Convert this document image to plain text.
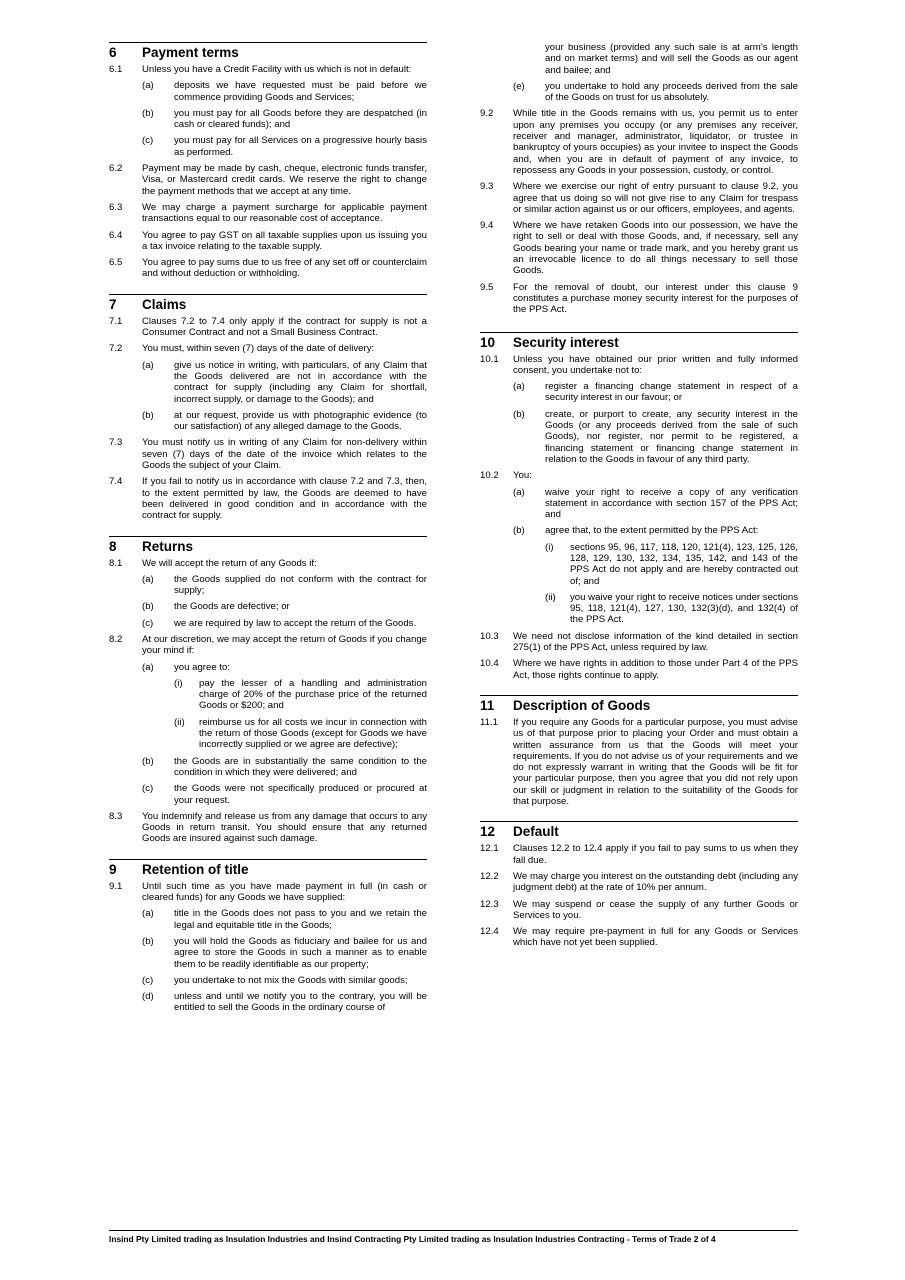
6	Payment terms
6.1	Unless you have a Credit Facility with us which is not in default:
(a)	deposits we have requested must be paid before we commence providing Goods and Services;
(b)	you must pay for all Goods before they are despatched (in cash or cleared funds); and
(c)	you must pay for all Services on a progressive hourly basis as performed.
6.2	Payment may be made by cash, cheque, electronic funds transfer, Visa, or Mastercard credit cards. We reserve the right to change the payment methods that we accept at any time.
6.3	We may charge a payment surcharge for applicable payment transactions equal to our reasonable cost of acceptance.
6.4	You agree to pay GST on all taxable supplies upon us issuing you a tax invoice relating to the taxable supply.
6.5	You agree to pay sums due to us free of any set off or counterclaim and without deduction or withholding.
7	Claims
7.1	Clauses 7.2 to 7.4 only apply if the contract for supply is not a Consumer Contract and not a Small Business Contract.
7.2	You must, within seven (7) days of the date of delivery:
(a)	give us notice in writing, with particulars, of any Claim that the Goods delivered are not in accordance with the contract for supply (including any Claim for shortfall, incorrect supply, or damage to the Goods); and
(b)	at our request, provide us with photographic evidence (to our satisfaction) of any alleged damage to the Goods.
7.3	You must notify us in writing of any Claim for non-delivery within seven (7) days of the date of the invoice which relates to the Goods the subject of your Claim.
7.4	If you fail to notify us in accordance with clause 7.2 and 7.3, then, to the extent permitted by law, the Goods are deemed to have been delivered in good condition and in accordance with the contract for supply.
8	Returns
8.1	We will accept the return of any Goods if:
(a)	the Goods supplied do not conform with the contract for supply;
(b)	the Goods are defective; or
(c)	we are required by law to accept the return of the Goods.
8.2	At our discretion, we may accept the return of Goods if you change your mind if:
(a)	you agree to:
(i)	pay the lesser of a handling and administration charge of 20% of the purchase price of the returned Goods or $200; and
(ii)	reimburse us for all costs we incur in connection with the return of those Goods (except for Goods we have incorrectly supplied or we agree are defective);
(b)	the Goods are in substantially the same condition to the condition in which they were delivered; and
(c)	the Goods were not specifically produced or procured at your request.
8.3	You indemnify and release us from any damage that occurs to any Goods in return transit. You should ensure that any returned Goods are insured against such damage.
9	Retention of title
9.1	Until such time as you have made payment in full (in cash or cleared funds) for any Goods we have supplied:
(a)	title in the Goods does not pass to you and we retain the legal and equitable title in the Goods;
(b)	you will hold the Goods as fiduciary and bailee for us and agree to store the Goods in such a manner as to enable them to be readily identifiable as our property;
(c)	you undertake to not mix the Goods with similar goods;
(d)	unless and until we notify you to the contrary, you will be entitled to sell the Goods in the ordinary course of
your business (provided any such sale is at arm’s length and on market terms) and will sell the Goods as our agent and bailee; and
(e)	you undertake to hold any proceeds derived from the sale of the Goods on trust for us absolutely.
9.2	While title in the Goods remains with us, you permit us to enter upon any premises you occupy (or any premises any receiver, receiver and manager, administrator, liquidator, or trustee in bankruptcy of yours occupies) as your invitee to inspect the Goods and, when you are in default of payment of any invoice, to repossess any Goods in your possession, custody, or control.
9.3	Where we exercise our right of entry pursuant to clause 9.2, you agree that us doing so will not give rise to any Claim for trespass or similar action against us or our officers, employees, and agents.
9.4	Where we have retaken Goods into our possession, we have the right to sell or deal with those Goods, and, if necessary, sell any Goods bearing your name or trade mark, and you hereby grant us an irrevocable licence to do all things necessary to sell those Goods.
9.5	For the removal of doubt, our interest under this clause 9 constitutes a purchase money security interest for the purposes of the PPS Act.
10	Security interest
10.1	Unless you have obtained our prior written and fully informed consent, you undertake not to:
(a)	register a financing change statement in respect of a security interest in our favour; or
(b)	create, or purport to create, any security interest in the Goods (or any proceeds derived from the sale of such Goods), nor register, nor permit to be registered, a financing statement or financing change statement in relation to the Goods in favour of any third party.
10.2	You:
(a)	waive your right to receive a copy of any verification statement in accordance with section 157 of the PPS Act; and
(b)	agree that, to the extent permitted by the PPS Act:
(i)	sections 95, 96, 117, 118, 120, 121(4), 123, 125, 126, 128, 129, 130, 132, 134, 135, 142, and 143 of the PPS Act do not apply and are hereby contracted out of; and
(ii)	you waive your right to receive notices under sections 95, 118, 121(4), 127, 130, 132(3)(d), and 132(4) of the PPS Act.
10.3	We need not disclose information of the kind detailed in section 275(1) of the PPS Act, unless required by law.
10.4	Where we have rights in addition to those under Part 4 of the PPS Act, those rights continue to apply.
11	Description of Goods
11.1	If you require any Goods for a particular purpose, you must advise us of that purpose prior to placing your Order and must obtain a written assurance from us that the Goods will meet your requirements. If you do not advise us of your requirements and we do not expressly warrant in writing that the Goods will be fit for your particular purpose, then you agree that you did not rely upon our skill or judgment in relation to the suitability of the Goods for that purpose.
12	Default
12.1	Clauses 12.2 to 12.4 apply if you fail to pay sums to us when they fall due.
12.2	We may charge you interest on the outstanding debt (including any judgment debt) at the rate of 10% per annum.
12.3	We may suspend or cease the supply of any further Goods or Services to you.
12.4	We may require pre-payment in full for any Goods or Services which have not yet been supplied.
Insind Pty Limited trading as Insulation Industries and Insind Contracting Pty Limited trading as Insulation Industries Contracting - Terms of Trade 2 of 4
